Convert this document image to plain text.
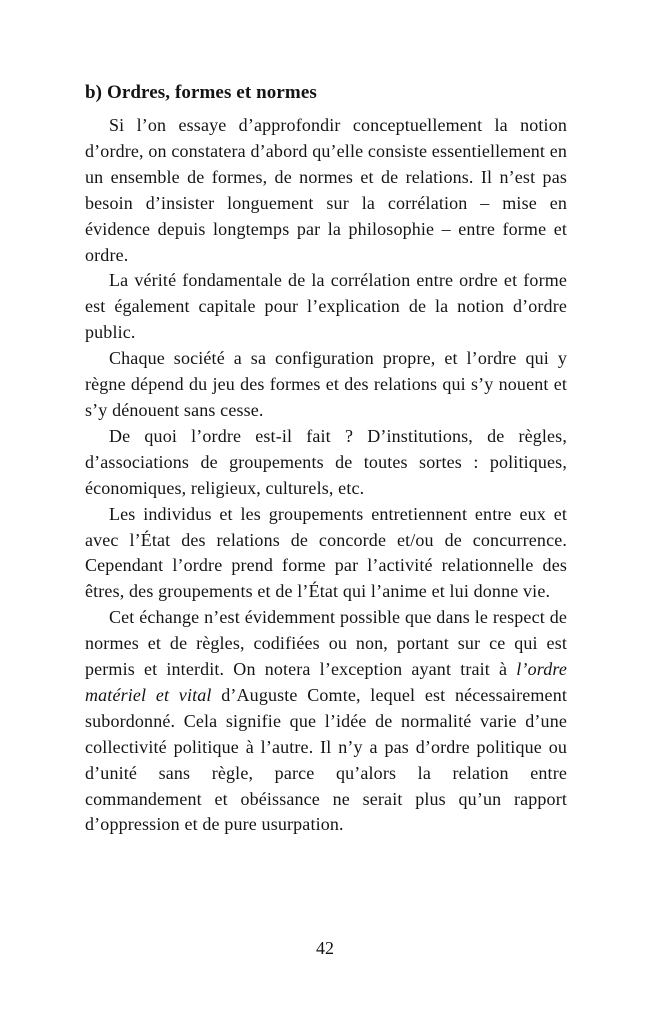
b) Ordres, formes et normes

Si l’on essaye d’approfondir conceptuellement la notion d’ordre, on constatera d’abord qu’elle consiste essentiellement en un ensemble de formes, de normes et de relations. Il n’est pas besoin d’insister longuement sur la corrélation – mise en évidence depuis longtemps par la philosophie – entre forme et ordre.

La vérité fondamentale de la corrélation entre ordre et forme est également capitale pour l’explication de la notion d’ordre public.

Chaque société a sa configuration propre, et l’ordre qui y règne dépend du jeu des formes et des relations qui s’y nouent et s’y dénouent sans cesse.

De quoi l’ordre est-il fait ? D’institutions, de règles, d’associations de groupements de toutes sortes : politiques, économiques, religieux, culturels, etc.

Les individus et les groupements entretiennent entre eux et avec l’État des relations de concorde et/ou de concurrence. Cependant l’ordre prend forme par l’activité relationnelle des êtres, des groupements et de l’État qui l’anime et lui donne vie.

Cet échange n’est évidemment possible que dans le respect de normes et de règles, codifiées ou non, portant sur ce qui est permis et interdit. On notera l’exception ayant trait à l’ordre matériel et vital d’Auguste Comte, lequel est nécessairement subordonné. Cela signifie que l’idée de normalité varie d’une collectivité politique à l’autre. Il n’y a pas d’ordre politique ou d’unité sans règle, parce qu’alors la relation entre commandement et obéissance ne serait plus qu’un rapport d’oppression et de pure usurpation.

42
